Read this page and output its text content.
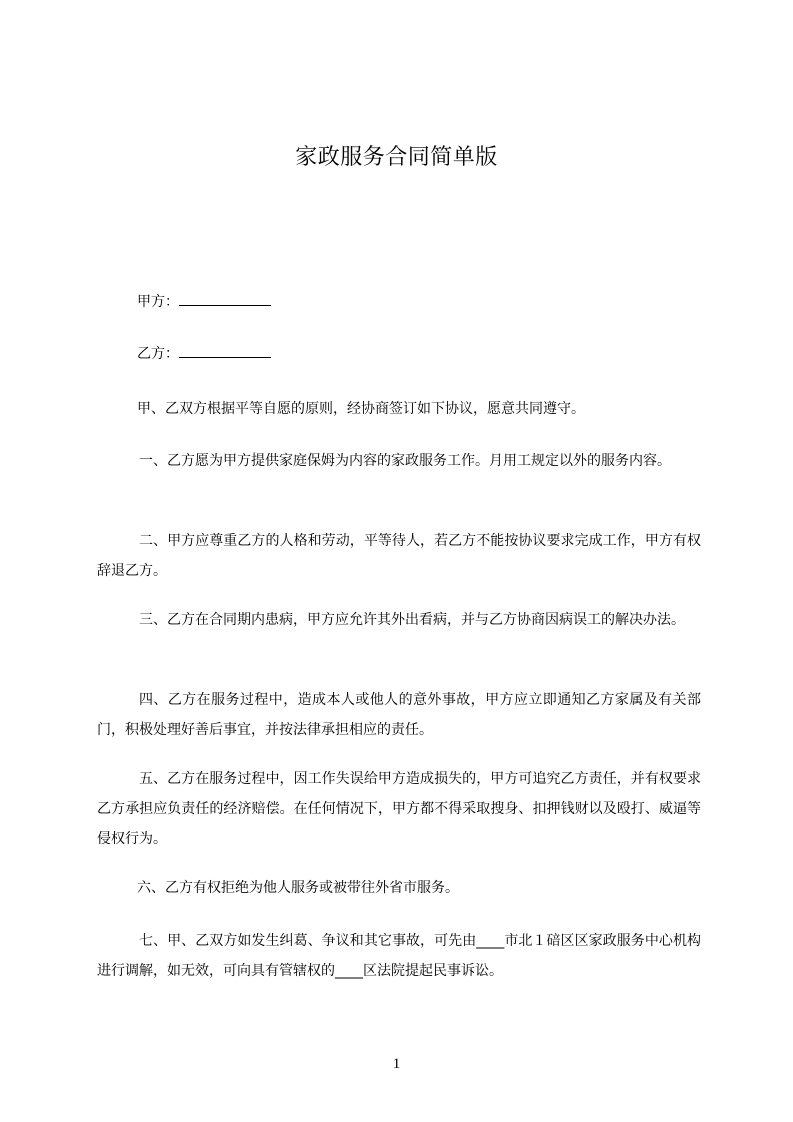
家政服务合同简单版
甲方：
乙方：
甲、乙双方根据平等自愿的原则，经协商签订如下协议，愿意共同遵守。
一、乙方愿为甲方提供家庭保姆为内容的家政服务工作。月用工规定以外的服务内容。
二、甲方应尊重乙方的人格和劳动，平等待人，若乙方不能按协议要求完成工作，甲方有权辞退乙方。
三、乙方在合同期内患病，甲方应允许其外出看病，并与乙方协商因病误工的解决办法。
四、乙方在服务过程中，造成本人或他人的意外事故，甲方应立即通知乙方家属及有关部门，积极处理好善后事宜，并按法律承担相应的责任。
五、乙方在服务过程中，因工作失误给甲方造成损失的，甲方可追究乙方责任，并有权要求乙方承担应负责任的经济赔偿。在任何情况下，甲方都不得采取搜身、扣押钱财以及殴打、威逼等侵权行为。
六、乙方有权拒绝为他人服务或被带往外省市服务。
七、甲、乙双方如发生纠葛、争议和其它事故，可先由____市北１碚区区家政服务中心机构进行调解，如无效，可向具有管辖权的____区法院提起民事诉讼。
1
